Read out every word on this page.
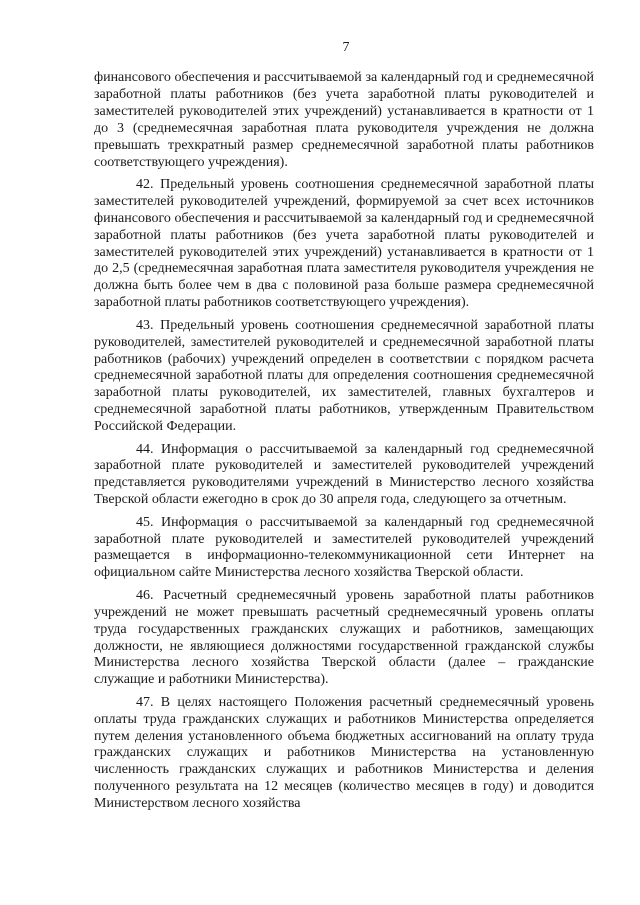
7

финансового обеспечения и рассчитываемой за календарный год и среднемесячной заработной платы работников (без учета заработной платы руководителей и заместителей руководителей этих учреждений) устанавливается в кратности от 1 до 3 (среднемесячная заработная плата руководителя учреждения не должна превышать трехкратный размер среднемесячной заработной платы работников соответствующего учреждения).

42. Предельный уровень соотношения среднемесячной заработной платы заместителей руководителей учреждений, формируемой за счет всех источников финансового обеспечения и рассчитываемой за календарный год и среднемесячной заработной платы работников (без учета заработной платы руководителей и заместителей руководителей этих учреждений) устанавливается в кратности от 1 до 2,5 (среднемесячная заработная плата заместителя руководителя учреждения не должна быть более чем в два с половиной раза больше размера среднемесячной заработной платы работников соответствующего учреждения).

43. Предельный уровень соотношения среднемесячной заработной платы руководителей, заместителей руководителей и среднемесячной заработной платы работников (рабочих) учреждений определен в соответствии с порядком расчета среднемесячной заработной платы для определения соотношения среднемесячной заработной платы руководителей, их заместителей, главных бухгалтеров и среднемесячной заработной платы работников, утвержденным Правительством Российской Федерации.

44. Информация о рассчитываемой за календарный год среднемесячной заработной плате руководителей и заместителей руководителей учреждений представляется руководителями учреждений в Министерство лесного хозяйства Тверской области ежегодно в срок до 30 апреля года, следующего за отчетным.

45. Информация о рассчитываемой за календарный год среднемесячной заработной плате руководителей и заместителей руководителей учреждений размещается в информационно-телекоммуникационной сети Интернет на официальном сайте Министерства лесного хозяйства Тверской области.

46. Расчетный среднемесячный уровень заработной платы работников учреждений не может превышать расчетный среднемесячный уровень оплаты труда государственных гражданских служащих и работников, замещающих должности, не являющиеся должностями государственной гражданской службы Министерства лесного хозяйства Тверской области (далее – гражданские служащие и работники Министерства).

47. В целях настоящего Положения расчетный среднемесячный уровень оплаты труда гражданских служащих и работников Министерства определяется путем деления установленного объема бюджетных ассигнований на оплату труда гражданских служащих и работников Министерства на установленную численность гражданских служащих и работников Министерства и деления полученного результата на 12 месяцев (количество месяцев в году) и доводится Министерством лесного хозяйства
